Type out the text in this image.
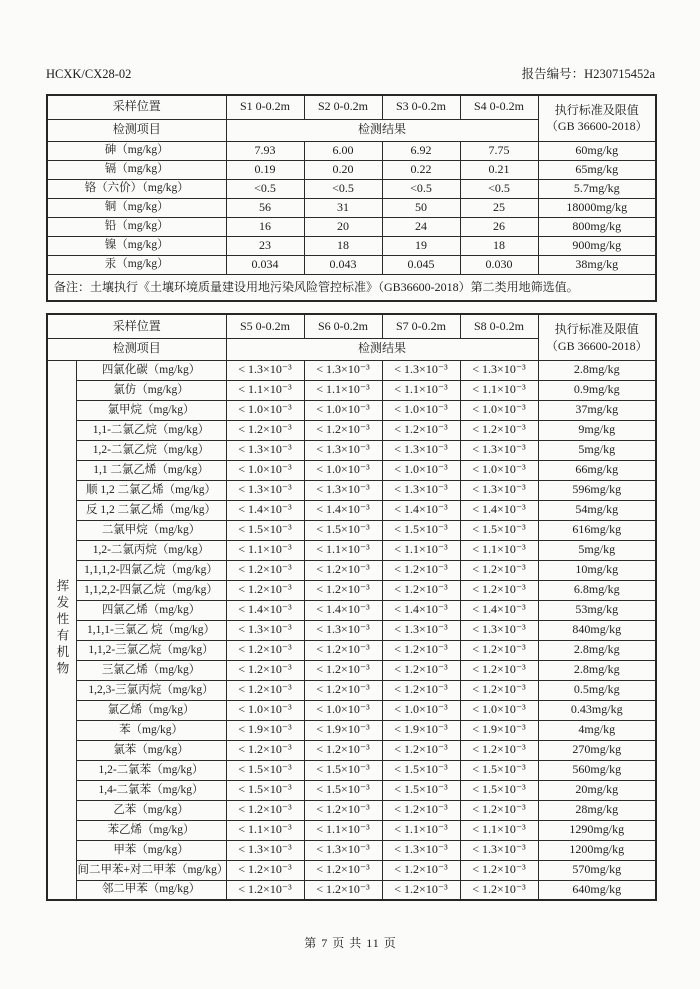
HCXK/CX28-02	报告编号：H230715452a
采样位置	S1 0-0.2m	S2 0-0.2m	S3 0-0.2m	S4 0-0.2m	执行标准及限值
（GB 36600-2018）

检测项目	检测结果				
砷（mg/kg）	7.93	6.00	6.92	7.75	60mg/kg
镉（mg/kg）	0.19	0.20	0.22	0.21	65mg/kg
铬（六价）（mg/kg）	<0.5	<0.5	<0.5	<0.5	5.7mg/kg
铜（mg/kg）	56	31	50	25	18000mg/kg
铅（mg/kg）	16	20	24	26	800mg/kg
镍（mg/kg）	23	18	19	18	900mg/kg
汞（mg/kg）	0.034	0.043	0.045	0.030	38mg/kg
备注：土壤执行《土壤环境质量建设用地污染风险管控标准》（GB36600-2018）第二类用地筛选值。					
采样位置		S5 0-0.2m	S6 0-0.2m	S7 0-0.2m	S8 0-0.2m	执行标准及限值
（GB 36600-2018）

检测项目		检测结果				
挥发性有机物	四氯化碳（mg/kg）	< 1.3×10⁻³	< 1.3×10⁻³	< 1.3×10⁻³	< 1.3×10⁻³	2.8mg/kg
	氯仿（mg/kg）	< 1.1×10⁻³	< 1.1×10⁻³	< 1.1×10⁻³	< 1.1×10⁻³	0.9mg/kg
	氯甲烷（mg/kg）	< 1.0×10⁻³	< 1.0×10⁻³	< 1.0×10⁻³	< 1.0×10⁻³	37mg/kg
	1,1-二氯乙烷（mg/kg）	< 1.2×10⁻³	< 1.2×10⁻³	< 1.2×10⁻³	< 1.2×10⁻³	9mg/kg
	1,2-二氯乙烷（mg/kg）	< 1.3×10⁻³	< 1.3×10⁻³	< 1.3×10⁻³	< 1.3×10⁻³	5mg/kg
	1,1 二氯乙烯（mg/kg）	< 1.0×10⁻³	< 1.0×10⁻³	< 1.0×10⁻³	< 1.0×10⁻³	66mg/kg
	顺 1,2 二氯乙烯（mg/kg）	< 1.3×10⁻³	< 1.3×10⁻³	< 1.3×10⁻³	< 1.3×10⁻³	596mg/kg
	反 1,2 二氯乙烯（mg/kg）	< 1.4×10⁻³	< 1.4×10⁻³	< 1.4×10⁻³	< 1.4×10⁻³	54mg/kg
	二氯甲烷（mg/kg）	< 1.5×10⁻³	< 1.5×10⁻³	< 1.5×10⁻³	< 1.5×10⁻³	616mg/kg
	1,2-二氯丙烷（mg/kg）	< 1.1×10⁻³	< 1.1×10⁻³	< 1.1×10⁻³	< 1.1×10⁻³	5mg/kg
	1,1,1,2-四氯乙烷（mg/kg）	< 1.2×10⁻³	< 1.2×10⁻³	< 1.2×10⁻³	< 1.2×10⁻³	10mg/kg
	1,1,2,2-四氯乙烷（mg/kg）	< 1.2×10⁻³	< 1.2×10⁻³	< 1.2×10⁻³	< 1.2×10⁻³	6.8mg/kg
	四氯乙烯（mg/kg）	< 1.4×10⁻³	< 1.4×10⁻³	< 1.4×10⁻³	< 1.4×10⁻³	53mg/kg
	1,1,1-三氯乙 烷（mg/kg）	< 1.3×10⁻³	< 1.3×10⁻³	< 1.3×10⁻³	< 1.3×10⁻³	840mg/kg
	1,1,2-三氯乙烷（mg/kg）	< 1.2×10⁻³	< 1.2×10⁻³	< 1.2×10⁻³	< 1.2×10⁻³	2.8mg/kg
	三氯乙烯（mg/kg）	< 1.2×10⁻³	< 1.2×10⁻³	< 1.2×10⁻³	< 1.2×10⁻³	2.8mg/kg
	1,2,3-三氯丙烷（mg/kg）	< 1.2×10⁻³	< 1.2×10⁻³	< 1.2×10⁻³	< 1.2×10⁻³	0.5mg/kg
	氯乙烯（mg/kg）	< 1.0×10⁻³	< 1.0×10⁻³	< 1.0×10⁻³	< 1.0×10⁻³	0.43mg/kg
	苯（mg/kg）	< 1.9×10⁻³	< 1.9×10⁻³	< 1.9×10⁻³	< 1.9×10⁻³	4mg/kg
	氯苯（mg/kg）	< 1.2×10⁻³	< 1.2×10⁻³	< 1.2×10⁻³	< 1.2×10⁻³	270mg/kg
	1,2-二氯苯（mg/kg）	< 1.5×10⁻³	< 1.5×10⁻³	< 1.5×10⁻³	< 1.5×10⁻³	560mg/kg
	1,4-二氯苯（mg/kg）	< 1.5×10⁻³	< 1.5×10⁻³	< 1.5×10⁻³	< 1.5×10⁻³	20mg/kg
	乙苯（mg/kg）	< 1.2×10⁻³	< 1.2×10⁻³	< 1.2×10⁻³	< 1.2×10⁻³	28mg/kg
	苯乙烯（mg/kg）	< 1.1×10⁻³	< 1.1×10⁻³	< 1.1×10⁻³	< 1.1×10⁻³	1290mg/kg
	甲苯（mg/kg）	< 1.3×10⁻³	< 1.3×10⁻³	< 1.3×10⁻³	< 1.3×10⁻³	1200mg/kg
	间二甲苯+对二甲苯（mg/kg）	< 1.2×10⁻³	< 1.2×10⁻³	< 1.2×10⁻³	< 1.2×10⁻³	570mg/kg
	邻二甲苯（mg/kg）	< 1.2×10⁻³	< 1.2×10⁻³	< 1.2×10⁻³	< 1.2×10⁻³	640mg/kg
第 7 页 共 11 页
